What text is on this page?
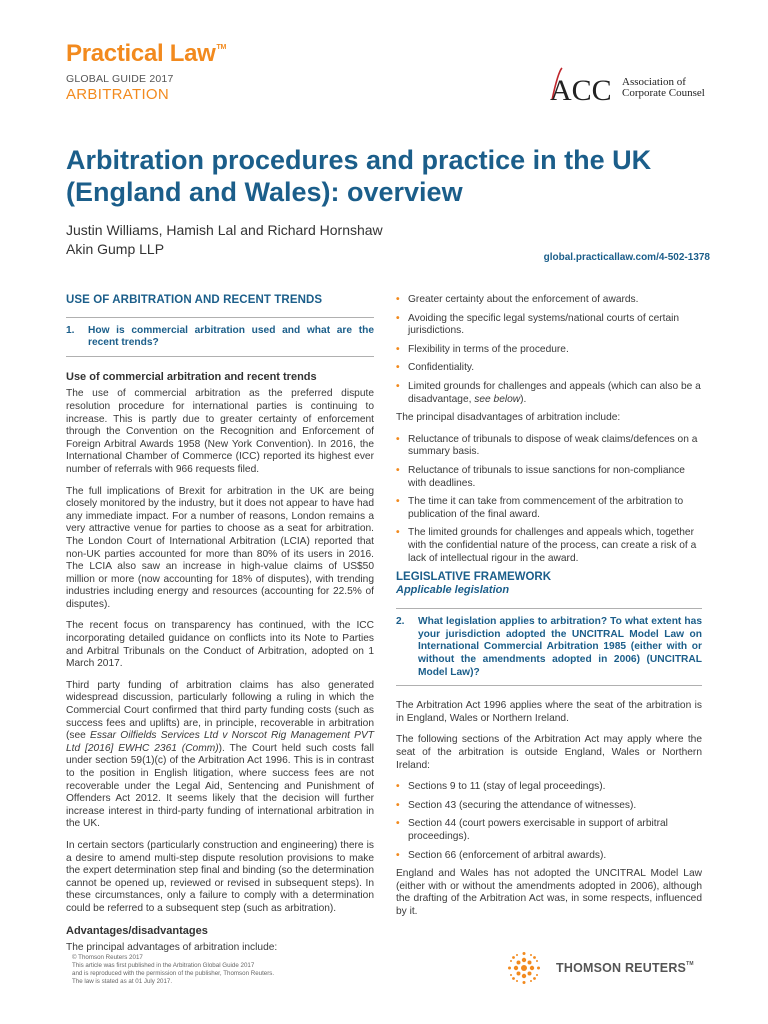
Practical Law™
GLOBAL GUIDE 2017
ARBITRATION	ACC Association of
Corporate Counsel
Arbitration procedures and practice in the UK (England and Wales): overview
Justin Williams, Hamish Lal and Richard Hornshaw
Akin Gump LLP
global.practicallaw.com/4-502-1378
USE OF ARBITRATION AND RECENT TRENDS
1.	How is commercial arbitration used and what are the recent trends?
Use of commercial arbitration and recent trends

The use of commercial arbitration as the preferred dispute resolution procedure for international parties is continuing to increase. This is partly due to greater certainty of enforcement through the Convention on the Recognition and Enforcement of Foreign Arbitral Awards 1958 (New York Convention). In 2016, the International Chamber of Commerce (ICC) reported its highest ever number of referrals with 966 requests filed.

The full implications of Brexit for arbitration in the UK are being closely monitored by the industry, but it does not appear to have had any immediate impact. For a number of reasons, London remains a very attractive venue for parties to choose as a seat for arbitration. The London Court of International Arbitration (LCIA) reported that non-UK parties accounted for more than 80% of its users in 2016. The LCIA also saw an increase in high-value claims of US$50 million or more (now accounting for 18% of disputes), with trending industries including energy and resources (accounting for 22.5% of disputes).

The recent focus on transparency has continued, with the ICC incorporating detailed guidance on conflicts into its Note to Parties and Arbitral Tribunals on the Conduct of Arbitration, adopted on 1 March 2017.

Third party funding of arbitration claims has also generated widespread discussion, particularly following a ruling in which the Commercial Court confirmed that third party funding costs (such as success fees and uplifts) are, in principle, recoverable in arbitration (see Essar Oilfields Services Ltd v Norscot Rig Management PVT Ltd [2016] EWHC 2361 (Comm)). The Court held such costs fall under section 59(1)(c) of the Arbitration Act 1996. This is in contrast to the position in English litigation, where success fees are not recoverable under the Legal Aid, Sentencing and Punishment of Offenders Act 2012. It seems likely that the decision will further increase interest in third-party funding of international arbitration in the UK.

In certain sectors (particularly construction and engineering) there is a desire to amend multi-step dispute resolution provisions to make the expert determination step final and binding (so the determination cannot be opened up, reviewed or revised in subsequent steps). In these circumstances, only a failure to comply with a determination could be referred to a subsequent step (such as arbitration).

Advantages/disadvantages

The principal advantages of arbitration include:

• Greater certainty about the enforcement of awards.
• Avoiding the specific legal systems/national courts of certain jurisdictions.
• Flexibility in terms of the procedure.
• Confidentiality.
• Limited grounds for challenges and appeals (which can also be a disadvantage, see below).

The principal disadvantages of arbitration include:

• Reluctance of tribunals to dispose of weak claims/defences on a summary basis.
• Reluctance of tribunals to issue sanctions for non-compliance with deadlines.
• The time it can take from commencement of the arbitration to publication of the final award.
• The limited grounds for challenges and appeals which, together with the confidential nature of the process, can create a risk of a lack of intellectual rigour in the award.
LEGISLATIVE FRAMEWORK
Applicable legislation
2.	What legislation applies to arbitration? To what extent has your jurisdiction adopted the UNCITRAL Model Law on International Commercial Arbitration 1985 (either with or without the amendments adopted in 2006) (UNCITRAL Model Law)?

The Arbitration Act 1996 applies where the seat of the arbitration is in England, Wales or Northern Ireland.

The following sections of the Arbitration Act may apply where the seat of the arbitration is outside England, Wales or Northern Ireland:

• Sections 9 to 11 (stay of legal proceedings).
• Section 43 (securing the attendance of witnesses).
• Section 44 (court powers exercisable in support of arbitral proceedings).
• Section 66 (enforcement of arbitral awards).

England and Wales has not adopted the UNCITRAL Model Law (either with or without the amendments adopted in 2006), although the drafting of the Arbitration Act was, in some respects, influenced by it.

© Thomson Reuters 2017
This article was first published in the Arbitration Global Guide 2017
and is reproduced with the permission of the publisher, Thomson Reuters.
The law is stated as at 01 July 2017.
THOMSON REUTERS™
